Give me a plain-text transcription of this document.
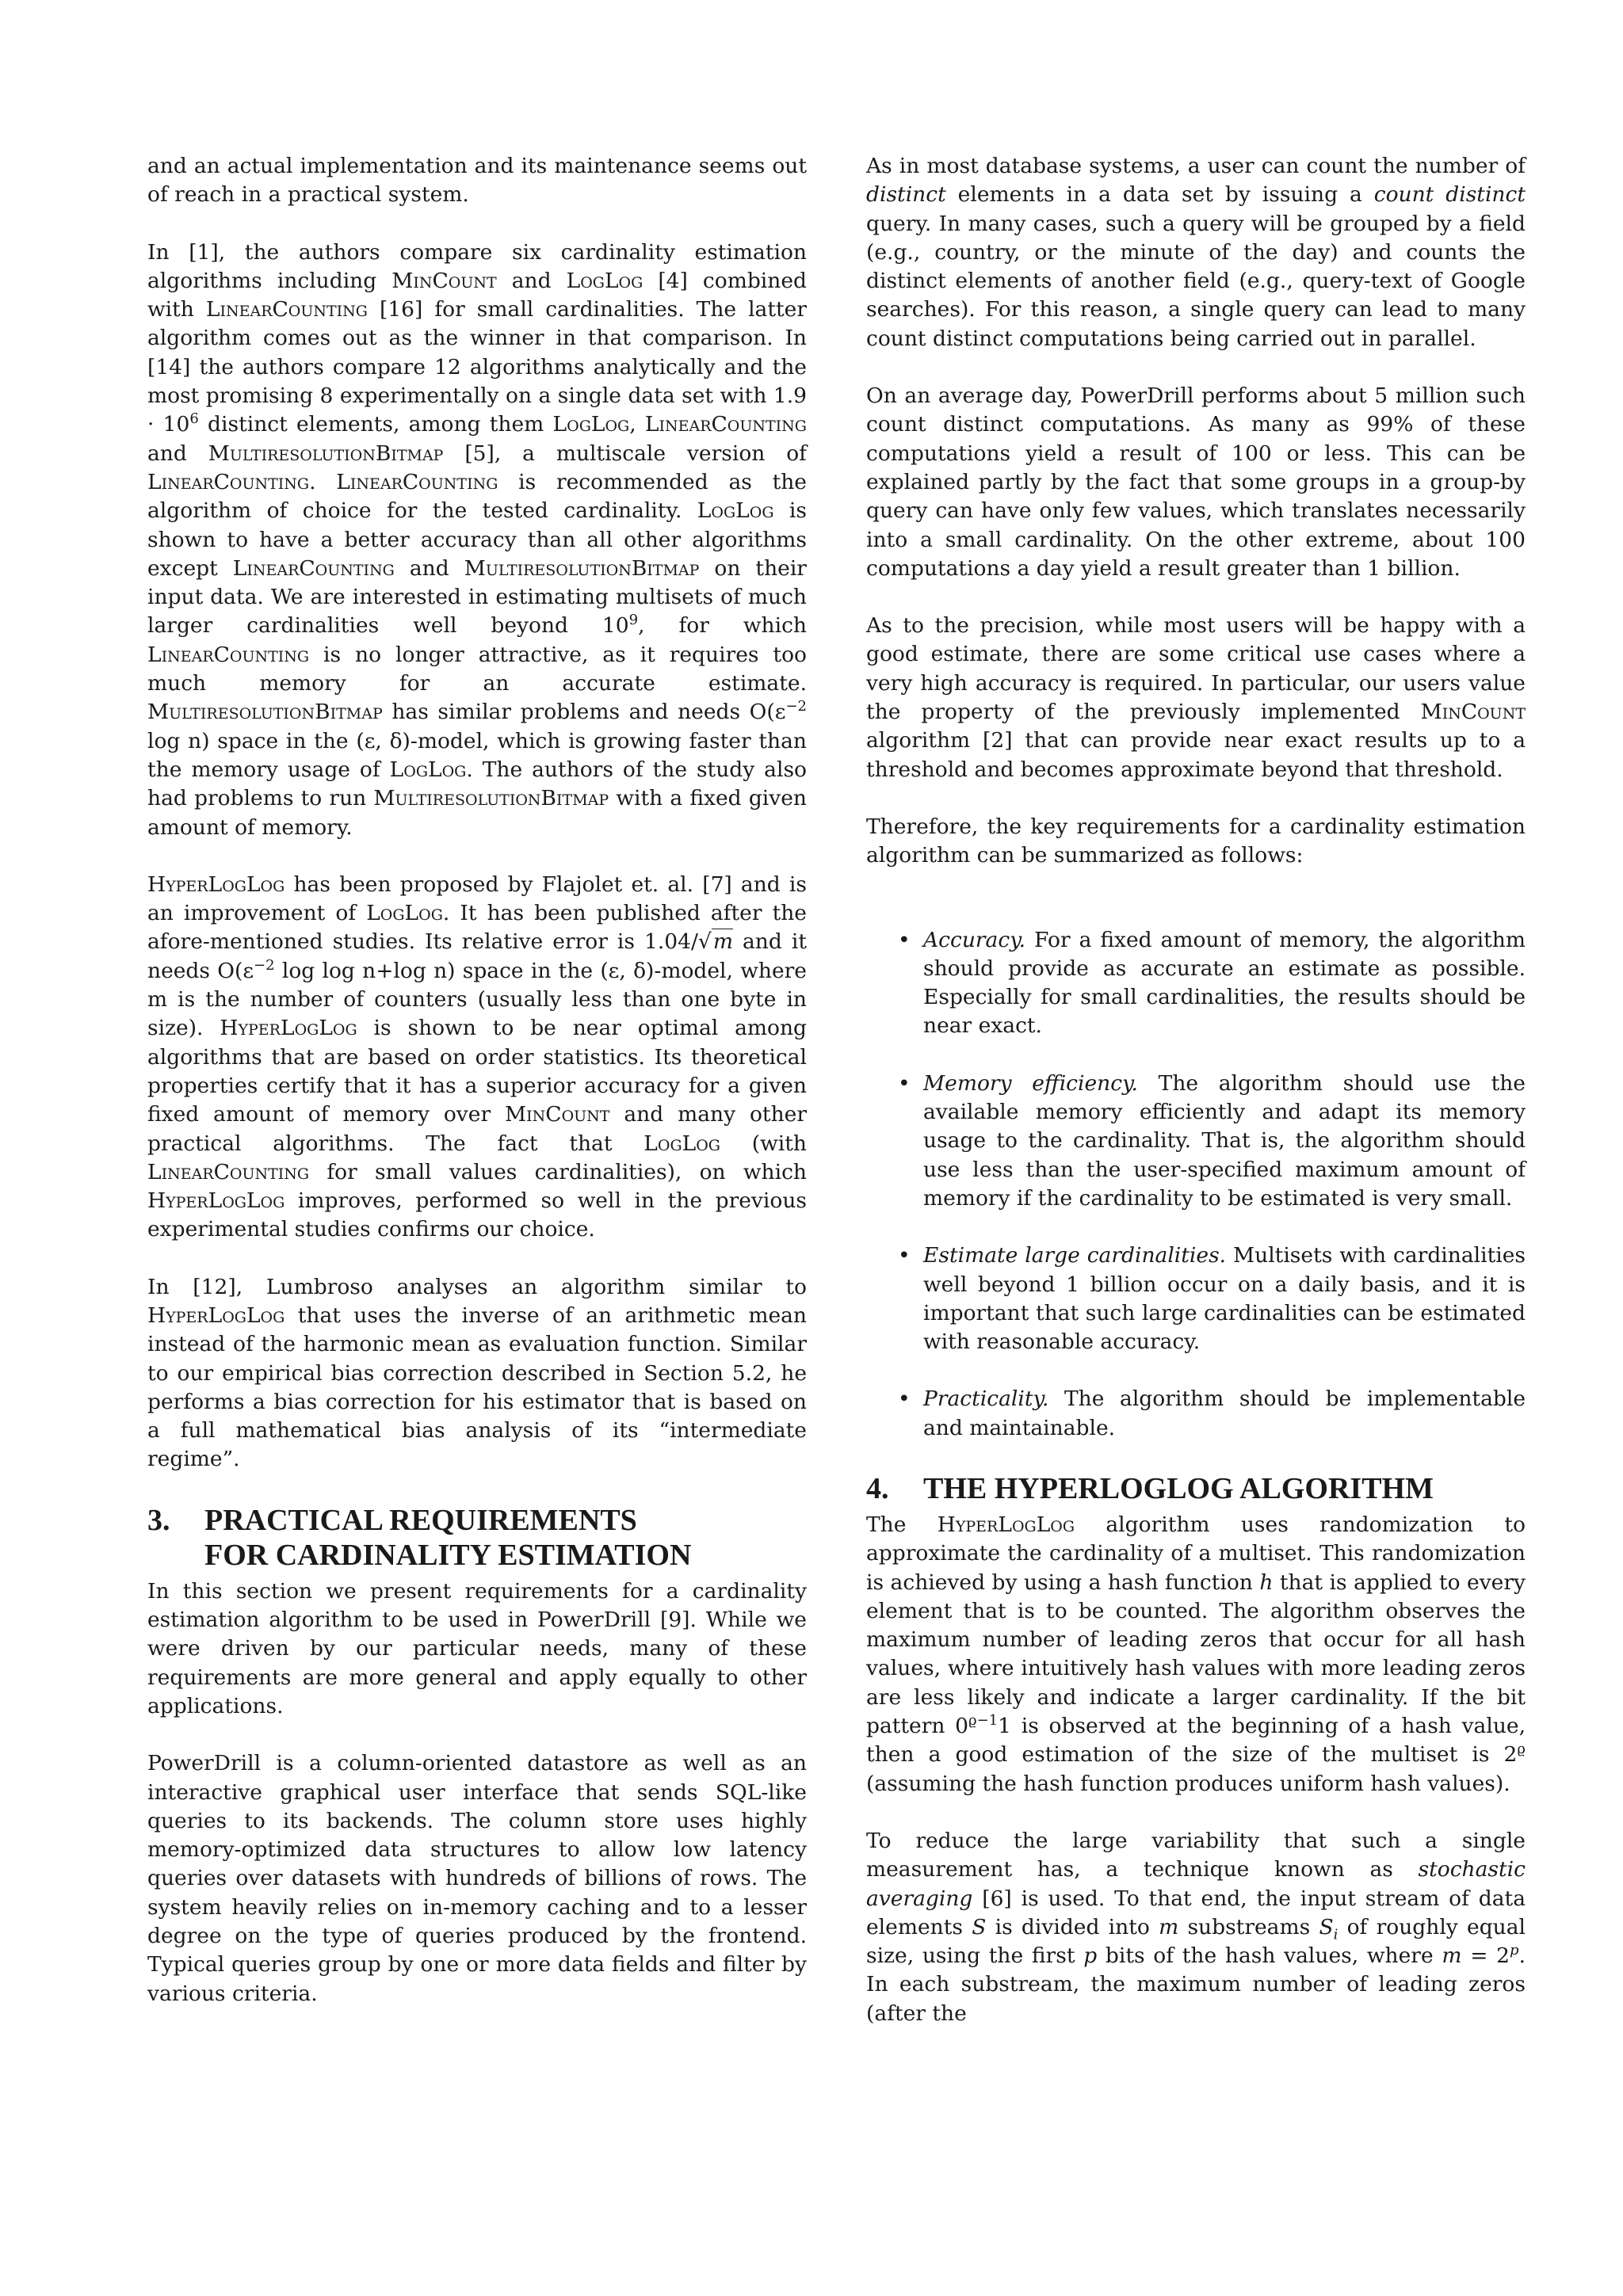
and an actual implementation and its maintenance seems out of reach in a practical system.

In [1], the authors compare six cardinality estimation algorithms including MinCount and LogLog [4] combined with LinearCounting [16] for small cardinalities. The latter algorithm comes out as the winner in that comparison. In [14] the authors compare 12 algorithms analytically and the most promising 8 experimentally on a single data set with $1.9 \cdot 10^6$ distinct elements, among them LogLog, LinearCounting and MultiresolutionBitmap [5], a multiscale version of LinearCounting. LinearCounting is recommended as the algorithm of choice for the tested cardinality. LogLog is shown to have a better accuracy than all other algorithms except LinearCounting and MultiresolutionBitmap on their input data. We are interested in estimating multisets of much larger cardinalities well beyond $10^9$, for which LinearCounting is no longer attractive, as it requires too much memory for an accurate estimate. MultiresolutionBitmap has similar problems and needs $O(\varepsilon^{-2}$ log n) space in the (ε, δ)-model, which is growing faster than the memory usage of LogLog. The authors of the study also had problems to run MultiresolutionBitmap with a fixed given amount of memory.

HyperLogLog has been proposed by Flajolet et. al. [7] and is an improvement of LogLog. It has been published after the afore-mentioned studies. Its relative error is 1.04/√m and it needs $O(\varepsilon^{-2}$ log log n+log n) space in the (ε, δ)-model, where m is the number of counters (usually less than one byte in size). HyperLogLog is shown to be near optimal among algorithms that are based on order statistics. Its theoretical properties certify that it has a superior accuracy for a given fixed amount of memory over MinCount and many other practical algorithms. The fact that LogLog (with LinearCounting for small values cardinalities), on which HyperLogLog improves, performed so well in the previous experimental studies confirms our choice.

In [12], Lumbroso analyses an algorithm similar to HyperLogLog that uses the inverse of an arithmetic mean instead of the harmonic mean as evaluation function. Similar to our empirical bias correction described in Section 5.2, he performs a bias correction for his estimator that is based on a full mathematical bias analysis of its “intermediate regime”.

3. PRACTICAL REQUIREMENTS
FOR CARDINALITY ESTIMATION

In this section we present requirements for a cardinality estimation algorithm to be used in PowerDrill [9]. While we were driven by our particular needs, many of these requirements are more general and apply equally to other applications.

PowerDrill is a column-oriented datastore as well as an interactive graphical user interface that sends SQL-like queries to its backends. The column store uses highly memory-optimized data structures to allow low latency queries over datasets with hundreds of billions of rows. The system heavily relies on in-memory caching and to a lesser degree on the type of queries produced by the frontend. Typical queries group by one or more data fields and filter by various criteria.

As in most database systems, a user can count the number of distinct elements in a data set by issuing a count distinct query. In many cases, such a query will be grouped by a field (e.g., country, or the minute of the day) and counts the distinct elements of another field (e.g., query-text of Google searches). For this reason, a single query can lead to many count distinct computations being carried out in parallel.

On an average day, PowerDrill performs about 5 million such count distinct computations. As many as 99% of these computations yield a result of 100 or less. This can be explained partly by the fact that some groups in a group-by query can have only few values, which translates necessarily into a small cardinality. On the other extreme, about 100 computations a day yield a result greater than 1 billion.

As to the precision, while most users will be happy with a good estimate, there are some critical use cases where a very high accuracy is required. In particular, our users value the property of the previously implemented MinCount algorithm [2] that can provide near exact results up to a threshold and becomes approximate beyond that threshold.

Therefore, the key requirements for a cardinality estimation algorithm can be summarized as follows:

• Accuracy. For a fixed amount of memory, the algorithm should provide as accurate an estimate as possible. Especially for small cardinalities, the results should be near exact.
• Memory efficiency. The algorithm should use the available memory efficiently and adapt its memory usage to the cardinality. That is, the algorithm should use less than the user-specified maximum amount of memory if the cardinality to be estimated is very small.
• Estimate large cardinalities. Multisets with cardinalities well beyond 1 billion occur on a daily basis, and it is important that such large cardinalities can be estimated with reasonable accuracy.
• Practicality. The algorithm should be implementable and maintainable.
4. THE HYPERLOGLOG ALGORITHM

The HyperLogLog algorithm uses randomization to approximate the cardinality of a multiset. This randomization is achieved by using a hash function h that is applied to every element that is to be counted. The algorithm observes the maximum number of leading zeros that occur for all hash values, where intuitively hash values with more leading zeros are less likely and indicate a larger cardinality. If the bit pattern $0^{ϱ-1}1$ is observed at the beginning of a hash value, then a good estimation of the size of the multiset is $2^ϱ$ (assuming the hash function produces uniform hash values).

To reduce the large variability that such a single measurement has, a technique known as stochastic averaging [6] is used. To that end, the input stream of data elements S is divided into m substreams $S_i$ of roughly equal size, using the first p bits of the hash values, where $m = 2^p$. In each substream, the maximum number of leading zeros (after the
